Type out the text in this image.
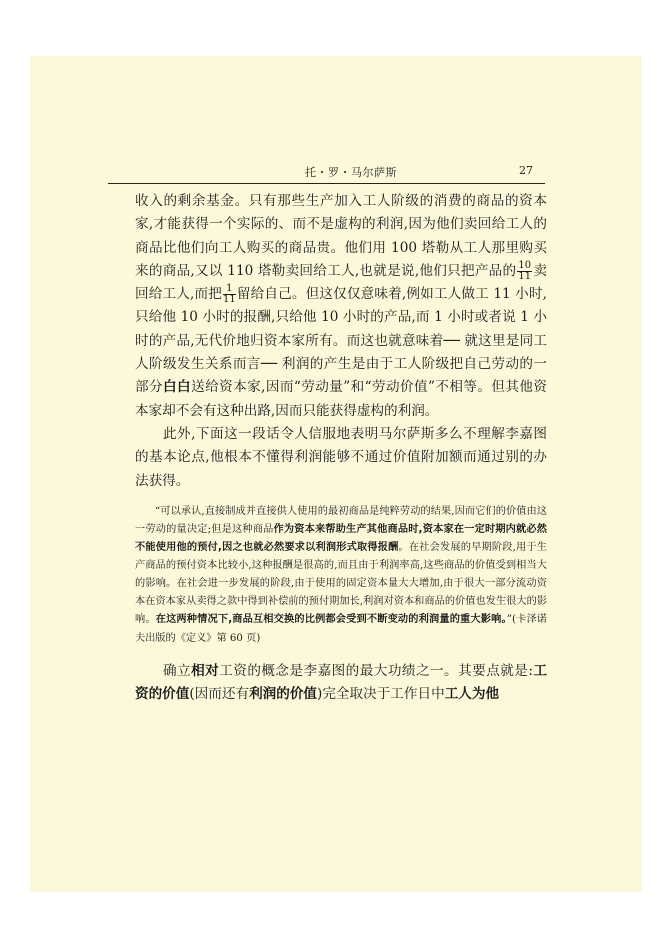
托・罗・马尔萨斯	27

收入的剩余基金。只有那些生产加入工人阶级的消费的商品的资本家,才能获得一个实际的、而不是虚构的利润,因为他们卖回给工人的商品比他们向工人购买的商品贵。他们用 100 塔勒从工人那里购买来的商品,又以 110 塔勒卖回给工人,也就是说,他们只把产品的 $\frac{10}{11}$ 卖回给工人,而把 $\frac{1}{11}$ 留给自己。但这仅仅意味着,例如工人做工 11 小时,只给他 10 小时的报酬,只给他 10 小时的产品,而 1 小时或者说 1 小时的产品,无代价地归资本家所有。而这也就意味着── 就这里是同工人阶级发生关系而言── 利润的产生是由于工人阶级把自己劳动的一部分白白送给资本家,因而“劳动量”和“劳动价值”不相等。但其他资本家却不会有这种出路,因而只能获得虚构的利润。

此外,下面这一段话令人信服地表明马尔萨斯多么不理解李嘉图的基本论点,他根本不懂得利润能够不通过价值附加额而通过别的办法获得。

“可以承认,直接制成并直接供人使用的最初商品是纯粹劳动的结果,因而它们的价值由这一劳动的量决定;但是这种商品作为资本来帮助生产其他商品时,资本家在一定时期内就必然不能使用他的预付,因之也就必然要求以利润形式取得报酬。在社会发展的早期阶段,用于生产商品的预付资本比较小,这种报酬是很高的,而且由于利润率高,这些商品的价值受到相当大的影响。在社会进一步发展的阶段,由于使用的固定资本量大大增加,由于很大一部分流动资本在资本家从卖得之款中得到补偿前的预付期加长,利润对资本和商品的价值也发生很大的影响。在这两种情况下,商品互相交换的比例都会受到不断变动的利润量的重大影响。”(卡泽诺夫出版的《定义》第 60 页)

确立相对工资的概念是李嘉图的最大功绩之一。其要点就是:工资的价值(因而还有利润的价值)完全取决于工作日中工人为他
